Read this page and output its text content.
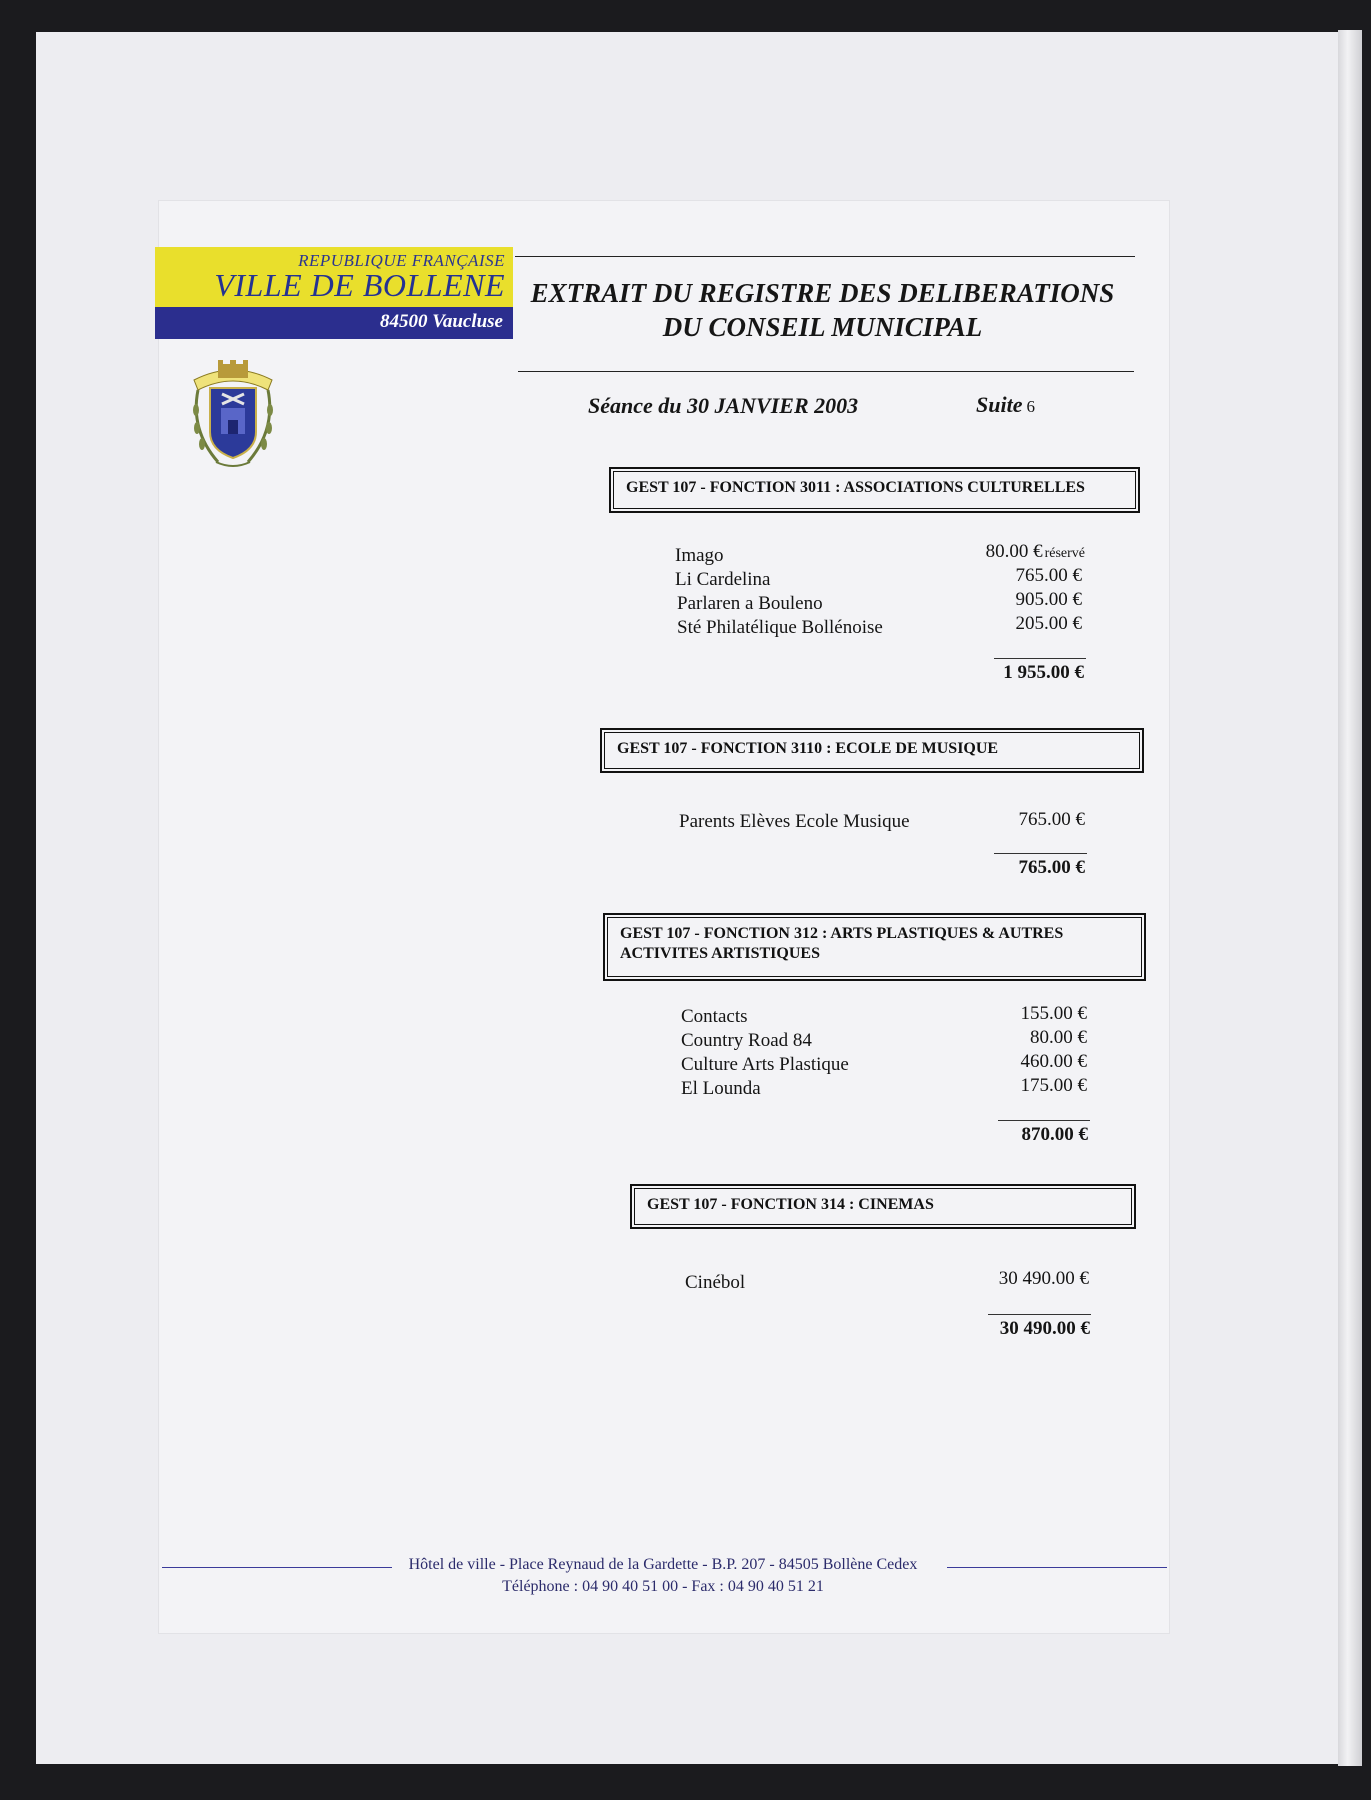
REPUBLIQUE FRANÇAISE
VILLE DE BOLLENE
84500 Vaucluse
EXTRAIT DU REGISTRE DES DELIBERATIONS
DU CONSEIL MUNICIPAL
Séance du 30 JANVIER 2003	Suite 6
GEST 107 - FONCTION 3011 : ASSOCIATIONS CULTURELLES
Imago	80.00 € réservé
Li Cardelina	765.00 €
Parlaren a Bouleno	905.00 €
Sté Philatélique Bollénoise	205.00 €
1 955.00 €
GEST 107 - FONCTION 3110 : ECOLE DE MUSIQUE
Parents Elèves Ecole Musique	765.00 €
765.00 €
GEST 107 - FONCTION 312 : ARTS PLASTIQUES & AUTRES
ACTIVITES ARTISTIQUES
Contacts	155.00 €
Country Road 84	80.00 €
Culture Arts Plastique	460.00 €
El Lounda	175.00 €
870.00 €
GEST 107 - FONCTION 314 : CINEMAS
Cinébol	30 490.00 €
30 490.00 €
Hôtel de ville - Place Reynaud de la Gardette - B.P. 207 - 84505 Bollène Cedex
Téléphone : 04 90 40 51 00 - Fax : 04 90 40 51 21
